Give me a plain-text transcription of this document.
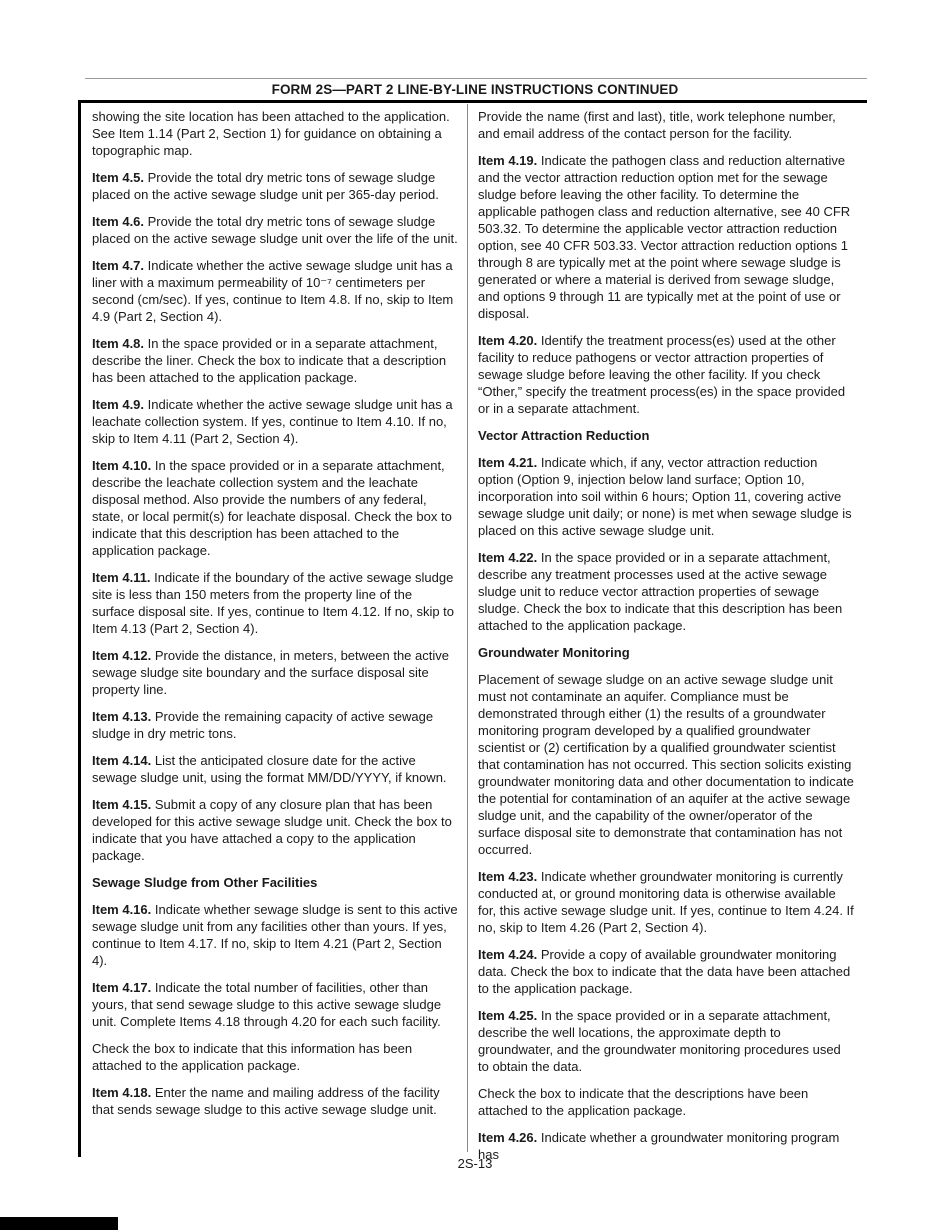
FORM 2S—PART 2 LINE-BY-LINE INSTRUCTIONS CONTINUED

showing the site location has been attached to the application. See Item 1.14 (Part 2, Section 1) for guidance on obtaining a topographic map.

Item 4.5. Provide the total dry metric tons of sewage sludge placed on the active sewage sludge unit per 365-day period.

Item 4.6. Provide the total dry metric tons of sewage sludge placed on the active sewage sludge unit over the life of the unit.

Item 4.7. Indicate whether the active sewage sludge unit has a liner with a maximum permeability of 10⁻⁷ centimeters per second (cm/sec). If yes, continue to Item 4.8. If no, skip to Item 4.9 (Part 2, Section 4).

Item 4.8. In the space provided or in a separate attachment, describe the liner. Check the box to indicate that a description has been attached to the application package.

Item 4.9. Indicate whether the active sewage sludge unit has a leachate collection system. If yes, continue to Item 4.10. If no, skip to Item 4.11 (Part 2, Section 4).

Item 4.10. In the space provided or in a separate attachment, describe the leachate collection system and the leachate disposal method. Also provide the numbers of any federal, state, or local permit(s) for leachate disposal. Check the box to indicate that this description has been attached to the application package.

Item 4.11. Indicate if the boundary of the active sewage sludge site is less than 150 meters from the property line of the surface disposal site. If yes, continue to Item 4.12. If no, skip to Item 4.13 (Part 2, Section 4).

Item 4.12. Provide the distance, in meters, between the active sewage sludge site boundary and the surface disposal site property line.

Item 4.13. Provide the remaining capacity of active sewage sludge in dry metric tons.

Item 4.14. List the anticipated closure date for the active sewage sludge unit, using the format MM/DD/YYYY, if known.

Item 4.15. Submit a copy of any closure plan that has been developed for this active sewage sludge unit. Check the box to indicate that you have attached a copy to the application package.

Sewage Sludge from Other Facilities

Item 4.16. Indicate whether sewage sludge is sent to this active sewage sludge unit from any facilities other than yours. If yes, continue to Item 4.17. If no, skip to Item 4.21 (Part 2, Section 4).

Item 4.17. Indicate the total number of facilities, other than yours, that send sewage sludge to this active sewage sludge unit. Complete Items 4.18 through 4.20 for each such facility.

Check the box to indicate that this information has been attached to the application package.

Item 4.18. Enter the name and mailing address of the facility that sends sewage sludge to this active sewage sludge unit.

Provide the name (first and last), title, work telephone number, and email address of the contact person for the facility.

Item 4.19. Indicate the pathogen class and reduction alternative and the vector attraction reduction option met for the sewage sludge before leaving the other facility. To determine the applicable pathogen class and reduction alternative, see 40 CFR 503.32. To determine the applicable vector attraction reduction option, see 40 CFR 503.33. Vector attraction reduction options 1 through 8 are typically met at the point where sewage sludge is generated or where a material is derived from sewage sludge, and options 9 through 11 are typically met at the point of use or disposal.

Item 4.20. Identify the treatment process(es) used at the other facility to reduce pathogens or vector attraction properties of sewage sludge before leaving the other facility. If you check “Other,” specify the treatment process(es) in the space provided or in a separate attachment.

Vector Attraction Reduction

Item 4.21. Indicate which, if any, vector attraction reduction option (Option 9, injection below land surface; Option 10, incorporation into soil within 6 hours; Option 11, covering active sewage sludge unit daily; or none) is met when sewage sludge is placed on this active sewage sludge unit.

Item 4.22. In the space provided or in a separate attachment, describe any treatment processes used at the active sewage sludge unit to reduce vector attraction properties of sewage sludge. Check the box to indicate that this description has been attached to the application package.

Groundwater Monitoring

Placement of sewage sludge on an active sewage sludge unit must not contaminate an aquifer. Compliance must be demonstrated through either (1) the results of a groundwater monitoring program developed by a qualified groundwater scientist or (2) certification by a qualified groundwater scientist that contamination has not occurred. This section solicits existing groundwater monitoring data and other documentation to indicate the potential for contamination of an aquifer at the active sewage sludge unit, and the capability of the owner/operator of the surface disposal site to demonstrate that contamination has not occurred.

Item 4.23. Indicate whether groundwater monitoring is currently conducted at, or ground monitoring data is otherwise available for, this active sewage sludge unit. If yes, continue to Item 4.24. If no, skip to Item 4.26 (Part 2, Section 4).

Item 4.24. Provide a copy of available groundwater monitoring data. Check the box to indicate that the data have been attached to the application package.

Item 4.25. In the space provided or in a separate attachment, describe the well locations, the approximate depth to groundwater, and the groundwater monitoring procedures used to obtain the data.

Check the box to indicate that the descriptions have been attached to the application package.

Item 4.26. Indicate whether a groundwater monitoring program has

2S-13
